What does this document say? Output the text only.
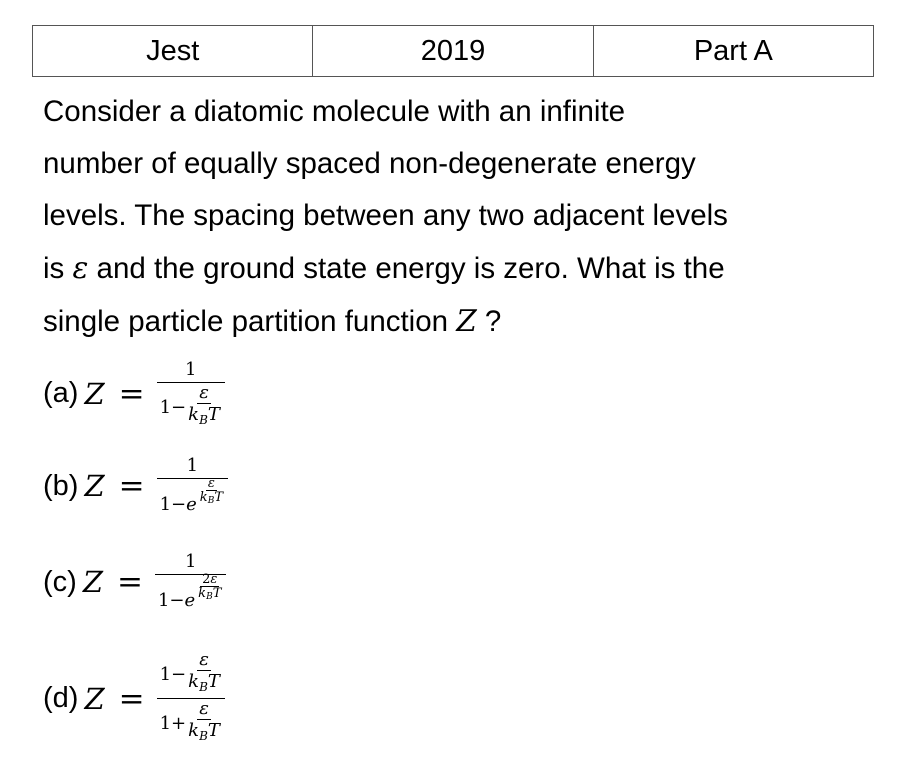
Jest	2019	Part A
Consider a diatomic molecule with an infinite
number of equally spaced non-degenerate energy
levels. The spacing between any two adjacent levels
is ε and the ground state energy is zero. What is the
single particle partition function Z ?
(a) $Z = \frac{1}{1 - \frac{\varepsilon}{k_BT}}$
(b) $Z = \frac{1}{1 - e \frac{\varepsilon}{k_BT}}$
(c) $Z = \frac{1}{1 - e \frac{2\varepsilon}{k_BT}}$
(d) $Z = \frac{1 - \frac{\varepsilon}{k_BT}}{1 + \frac{\varepsilon}{k_BT}}$
